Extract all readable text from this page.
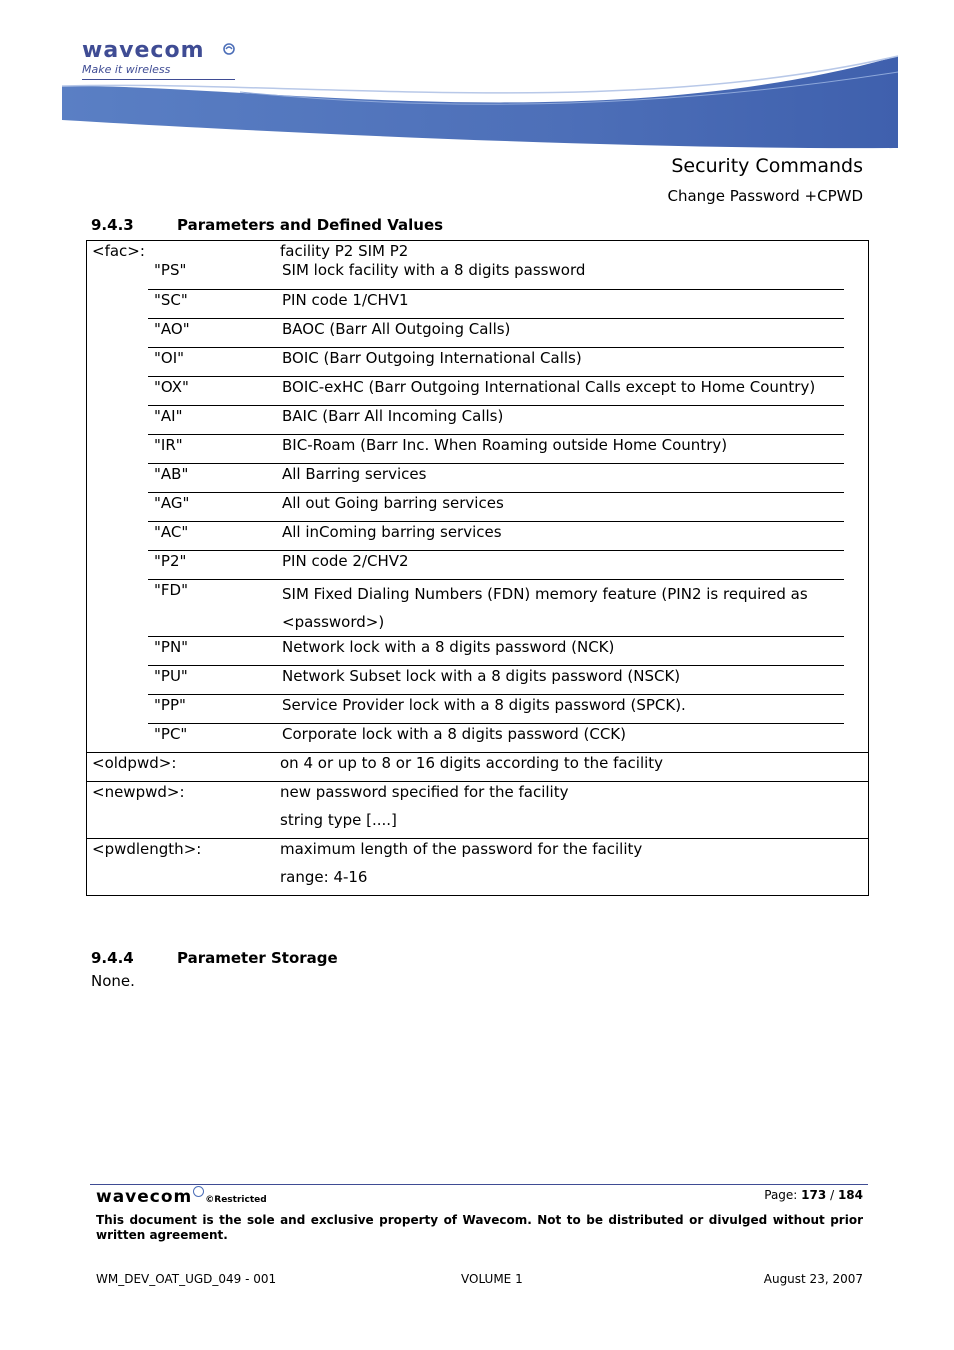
wavecom
Make it wireless
Security Commands
Change Password +CPWD
9.4.3	Parameters and Defined Values
<fac>:	facility P2 SIM P2
"PS"	SIM lock facility with a 8 digits password
"SC"	PIN code 1/CHV1
"AO"	BAOC (Barr All Outgoing Calls)
"OI"	BOIC (Barr Outgoing International Calls)
"OX"	BOIC-exHC (Barr Outgoing International Calls except to Home Country)
"AI"	BAIC (Barr All Incoming Calls)
"IR"	BIC-Roam (Barr Inc. When Roaming outside Home Country)
"AB"	All Barring services
"AG"	All out Going barring services
"AC"	All inComing barring services
"P2"	PIN code 2/CHV2
"FD"	SIM Fixed Dialing Numbers (FDN) memory feature (PIN2 is required as <password>)
"PN"	Network lock with a 8 digits password (NCK)
"PU"	Network Subset lock with a 8 digits password (NSCK)
"PP"	Service Provider lock with a 8 digits password (SPCK).
"PC"	Corporate lock with a 8 digits password (CCK)

<oldpwd>:	on 4 or up to 8 or 16 digits according to the facility
<newpwd>:	new password specified for the facility
string type [....]

<pwdlength>:	maximum length of the password for the facility
range: 4-16
9.4.4	Parameter Storage
None.
wavecom ©Restricted	Page: 173 / 184
This document is the sole and exclusive property of Wavecom. Not to be distributed or divulged without prior written agreement.
WM_DEV_OAT_UGD_049 - 001	VOLUME 1	August 23, 2007
